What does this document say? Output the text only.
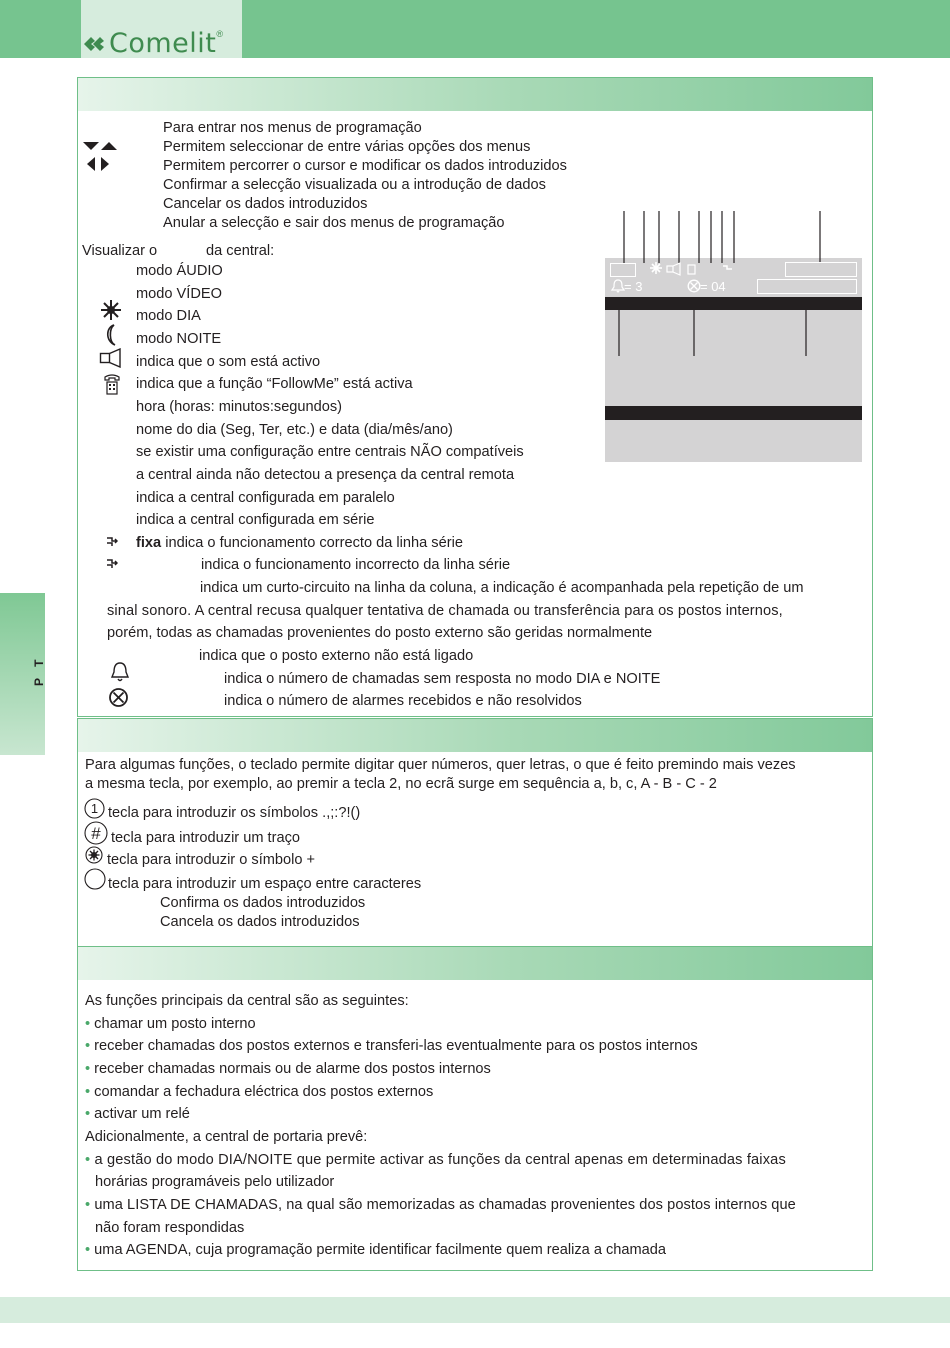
Comelit ®
P T
Para entrar nos menus de programação
Permitem seleccionar de entre várias opções dos menus
Permitem percorrer o cursor e modificar os dados introduzidos
Confirmar a selecção visualizada ou a introdução de dados
Cancelar os dados introduzidos
Anular a selecção e sair dos menus de programação
Visualizar o	da central:
modo ÁUDIO
modo VÍDEO
modo DIA
modo NOITE
indica que o som está activo
indica que a função “FollowMe” está activa
hora (horas: minutos:segundos)
nome do dia (Seg, Ter, etc.) e data (dia/mês/ano)
se existir uma configuração entre centrais NÃO compatíveis
a central ainda não detectou a presença da central remota
indica a central configurada em paralelo
indica a central configurada em série
fixa indica o funcionamento correcto da linha série
indica o funcionamento incorrecto da linha série
indica um curto-circuito na linha da coluna, a indicação é acompanhada pela repetição de um
sinal sonoro. A central recusa qualquer tentativa de chamada ou transferência para os postos internos,
porém, todas as chamadas provenientes do posto externo são geridas normalmente
indica que o posto externo não está ligado
indica o número de chamadas sem resposta no modo DIA e NOITE
indica o número de alarmes recebidos e não resolvidos
= 3	= 04
Para algumas funções, o teclado permite digitar quer números, quer letras, o que é feito premindo mais vezes
a mesma tecla, por exemplo, ao premir a tecla 2, no ecrã surge em sequência a, b, c, A - B - C - 2
1 tecla para introduzir os símbolos .,;:?!()
# tecla para introduzir um traço
tecla para introduzir o símbolo +
tecla para introduzir um espaço entre caracteres
Confirma os dados introduzidos
Cancela os dados introduzidos
As funções principais da central são as seguintes:
• chamar um posto interno
• receber chamadas dos postos externos e transferi-las eventualmente para os postos internos
• receber chamadas normais ou de alarme dos postos internos
• comandar a fechadura eléctrica dos postos externos
• activar um relé
Adicionalmente, a central de portaria prevê:
• a gestão do modo DIA/NOITE que permite activar as funções da central apenas em determinadas faixas
horárias programáveis pelo utilizador
• uma LISTA DE CHAMADAS, na qual são memorizadas as chamadas provenientes dos postos internos que
não foram respondidas
• uma AGENDA, cuja programação permite identificar facilmente quem realiza a chamada
